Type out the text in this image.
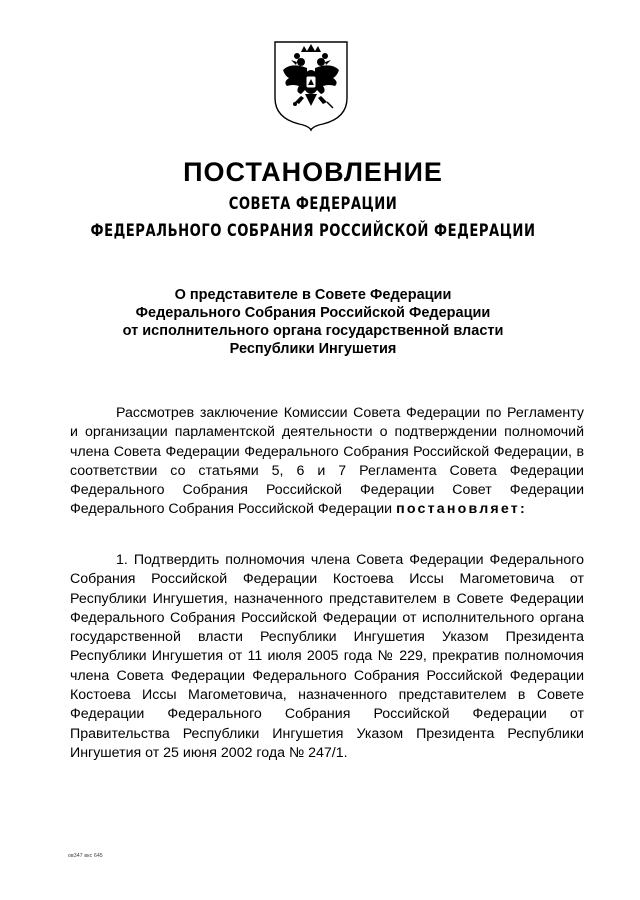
ПОСТАНОВЛЕНИЕ
СОВЕТА ФЕДЕРАЦИИ
ФЕДЕРАЛЬНОГО СОБРАНИЯ РОССИЙСКОЙ ФЕДЕРАЦИИ
О представителе в Совете Федерации
Федерального Собрания Российской Федерации
от исполнительного органа государственной власти
Республики Ингушетия

Рассмотрев заключение Комиссии Совета Федерации по Регламенту и организации парламентской деятельности о подтверждении полномочий члена Совета Федерации Федерального Собрания Российской Федерации, в соответствии со статьями 5, 6 и 7 Регламента Совета Федерации Федерального Собрания Российской Федерации Совет Федерации Федерального Собрания Российской Федерации постановляет:

1. Подтвердить полномочия члена Совета Федерации Федерального Собрания Российской Федерации Костоева Иссы Магометовича от Республики Ингушетия, назначенного представителем в Совете Федерации Федерального Собрания Российской Федерации от исполнительного органа государственной власти Республики Ингушетия Указом Президента Республики Ингушетия от 11 июля 2005 года № 229, прекратив полномочия члена Совета Федерации Федерального Собрания Российской Федерации Костоева Иссы Магометовича, назначенного представителем в Совете Федерации Федерального Собрания Российской Федерации от Правительства Республики Ингушетия Указом Президента Республики Ингушетия от 25 июня 2002 года № 247/1.

ов347 вкс 645
